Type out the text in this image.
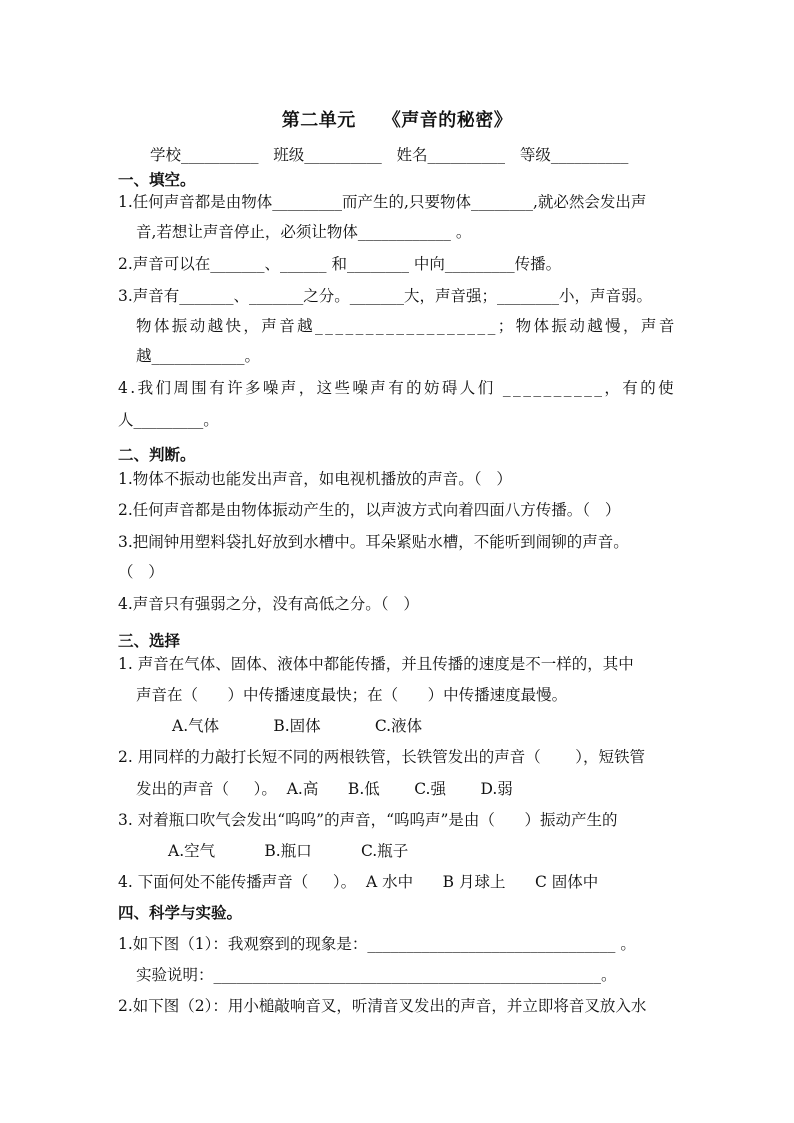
第二单元    《声音的秘密》
学校__________   班级__________   姓名__________   等级__________
一、填空。
1.任何声音都是由物体_________而产生的,只要物体________,就必然会发出声
音,若想让声音停止，必须让物体____________ 。
2.声音可以在_______、______ 和________ 中向_________传播。
3.声音有_______、_______之分。_______大，声音强；________小，声音弱。
物体振动越快，声音越 __________________；物体振动越慢，声音
越____________。
4.我们周围有许多噪声，这些噪声有的妨碍人们 __________，有的使
人_________。
二、判断。
1.物体不振动也能发出声音，如电视机播放的声音。（   ）
2.任何声音都是由物体振动产生的，以声波方式向着四面八方传播。（   ）
3.把闹钟用塑料袋扎好放到水槽中。耳朵紧贴水槽，不能听到闹铆的声音。
（   ）
4.声音只有强弱之分，没有高低之分。（   ）
三、选择
1. 声音在气体、固体、液体中都能传播，并且传播的速度是不一样的，其中
声音在（      ）中传播速度最快；在（      ）中传播速度最慢。
A.气体           B.固体           C.液体
2. 用同样的力敲打长短不同的两根铁管，长铁管发出的声音（       ），短铁管
发出的声音（     ）。  A.高      B.低       C.强       D.弱
3. 对着瓶口吹气会发出“呜呜”的声音，“呜呜声”是由（      ）振动产生的
A.空气          B.瓶口          C.瓶子
4. 下面何处不能传播声音（     ）。  A 水中      B 月球上      C 固体中
四、科学与实验。
1.如下图（1）：我观察到的现象是：________________________________ 。
实验说明：__________________________________________________。
2.如下图（2）：用小槌敲响音叉，听清音叉发出的声音，并立即将音叉放入水
